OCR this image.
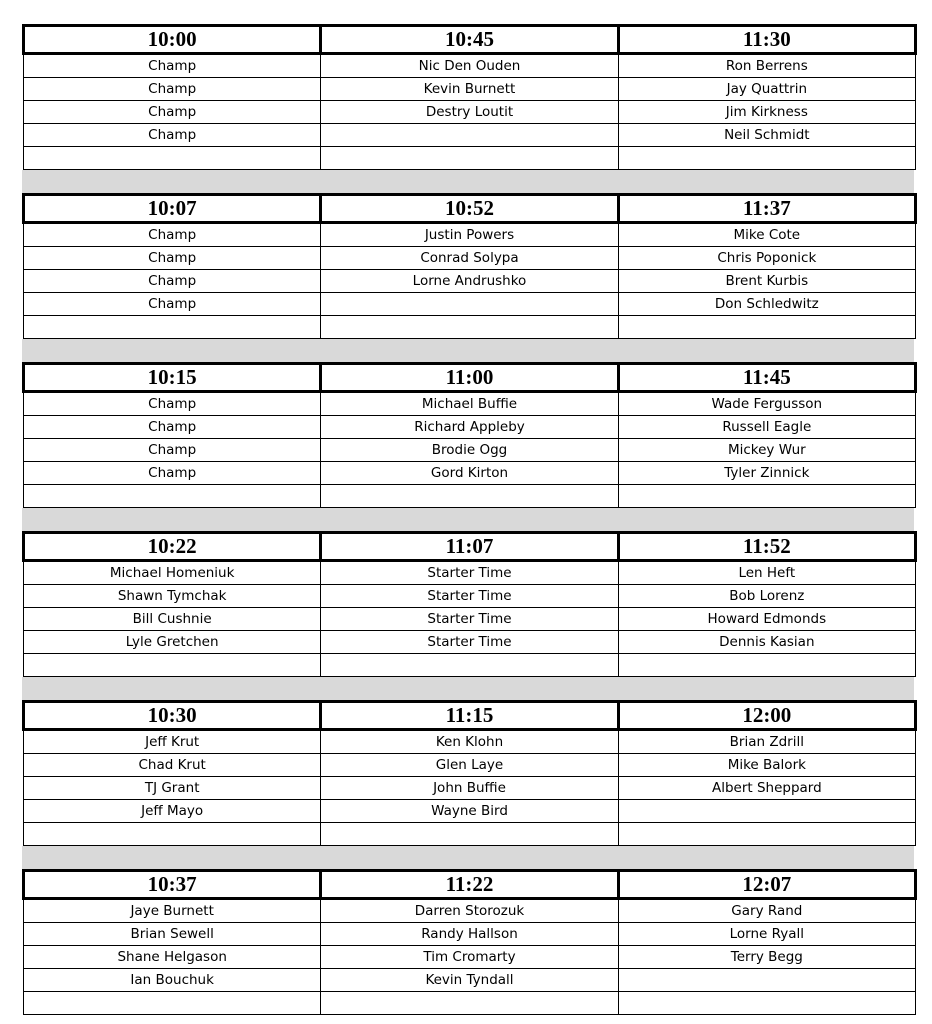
10:00	10:45	11:30
Champ	Nic Den Ouden	Ron Berrens
Champ	Kevin Burnett	Jay Quattrin
Champ	Destry Loutit	Jim Kirkness
Champ		Neil Schmidt

10:07	10:52	11:37
Champ	Justin Powers	Mike Cote
Champ	Conrad Solypa	Chris Poponick
Champ	Lorne Andrushko	Brent Kurbis
Champ		Don Schledwitz

10:15	11:00	11:45
Champ	Michael Buffie	Wade Fergusson
Champ	Richard Appleby	Russell Eagle
Champ	Brodie Ogg	Mickey Wur
Champ	Gord Kirton	Tyler Zinnick

10:22	11:07	11:52
Michael Homeniuk	Starter Time	Len Heft
Shawn Tymchak	Starter Time	Bob Lorenz
Bill Cushnie	Starter Time	Howard Edmonds
Lyle Gretchen	Starter Time	Dennis Kasian

10:30	11:15	12:00
Jeff Krut	Ken Klohn	Brian Zdrill
Chad Krut	Glen Laye	Mike Balork
TJ Grant	John Buffie	Albert Sheppard
Jeff Mayo	Wayne Bird	

10:37	11:22	12:07
Jaye Burnett	Darren Storozuk	Gary Rand
Brian Sewell	Randy Hallson	Lorne Ryall
Shane Helgason	Tim Cromarty	Terry Begg
Ian Bouchuk	Kevin Tyndall	
